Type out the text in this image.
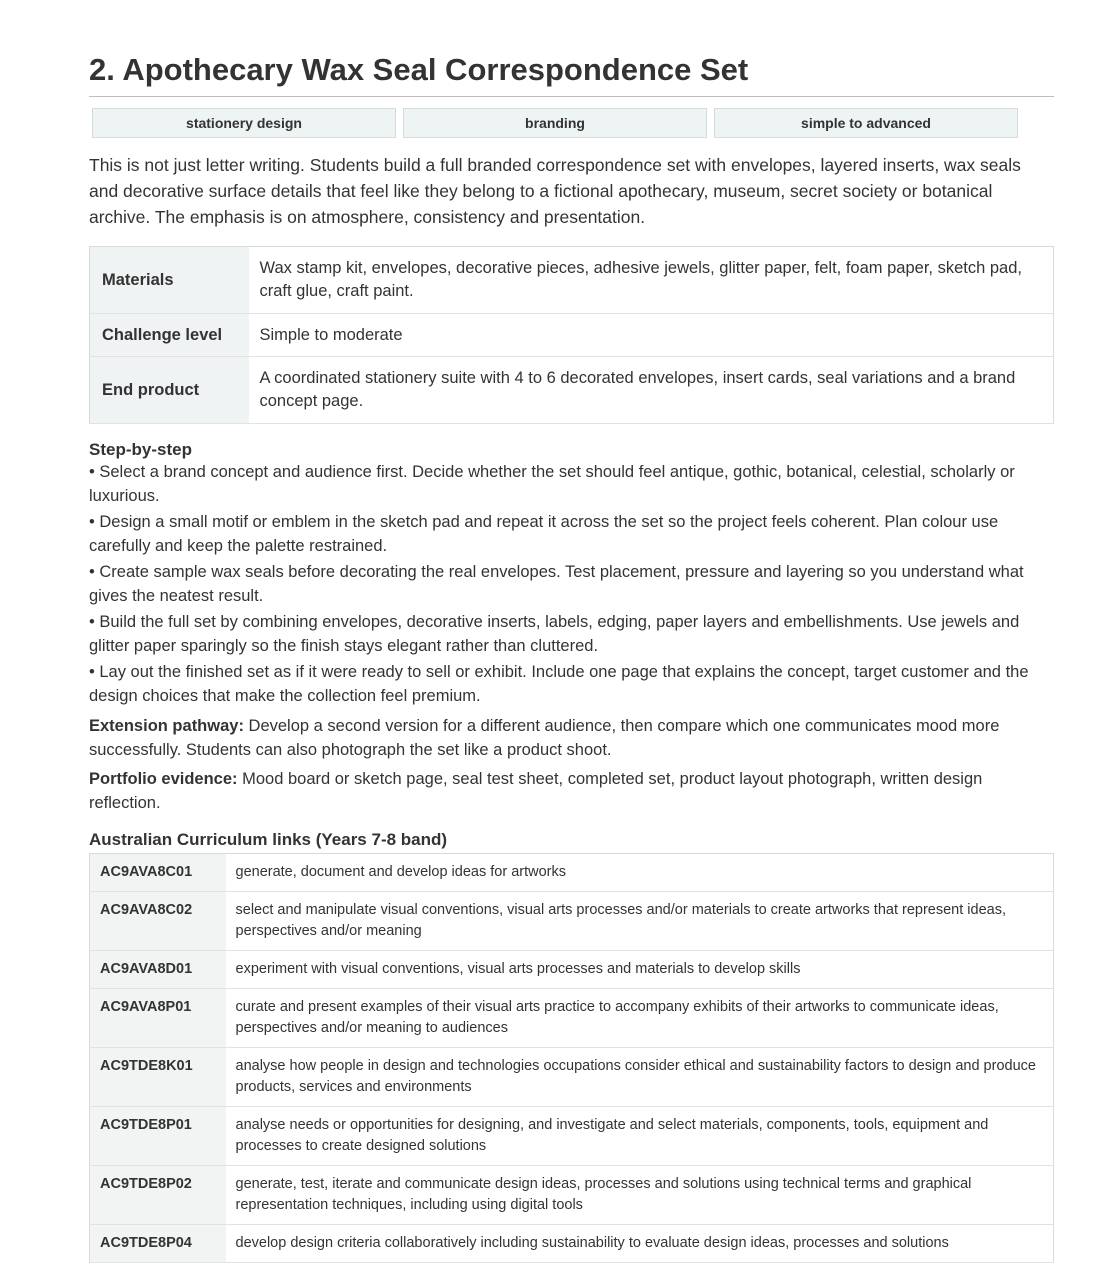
2. Apothecary Wax Seal Correspondence Set
stationery design	branding	simple to advanced

This is not just letter writing. Students build a full branded correspondence set with envelopes, layered inserts, wax seals and decorative surface details that feel like they belong to a fictional apothecary, museum, secret society or botanical archive. The emphasis is on atmosphere, consistency and presentation.

Materials	Wax stamp kit, envelopes, decorative pieces, adhesive jewels, glitter paper, felt, foam paper, sketch pad, craft glue, craft paint.
Challenge level	Simple to moderate
End product	A coordinated stationery suite with 4 to 6 decorated envelopes, insert cards, seal variations and a brand concept page.
Step-by-step

• Select a brand concept and audience first. Decide whether the set should feel antique, gothic, botanical, celestial, scholarly or luxurious.

• Design a small motif or emblem in the sketch pad and repeat it across the set so the project feels coherent. Plan colour use carefully and keep the palette restrained.

• Create sample wax seals before decorating the real envelopes. Test placement, pressure and layering so you understand what gives the neatest result.

• Build the full set by combining envelopes, decorative inserts, labels, edging, paper layers and embellishments. Use jewels and glitter paper sparingly so the finish stays elegant rather than cluttered.

• Lay out the finished set as if it were ready to sell or exhibit. Include one page that explains the concept, target customer and the design choices that make the collection feel premium.

Extension pathway: Develop a second version for a different audience, then compare which one communicates mood more successfully. Students can also photograph the set like a product shoot.

Portfolio evidence: Mood board or sketch page, seal test sheet, completed set, product layout photograph, written design reflection.

Australian Curriculum links (Years 7-8 band)
AC9AVA8C01	generate, document and develop ideas for artworks
AC9AVA8C02	select and manipulate visual conventions, visual arts processes and/or materials to create artworks that represent ideas, perspectives and/or meaning
AC9AVA8D01	experiment with visual conventions, visual arts processes and materials to develop skills
AC9AVA8P01	curate and present examples of their visual arts practice to accompany exhibits of their artworks to communicate ideas, perspectives and/or meaning to audiences
AC9TDE8K01	analyse how people in design and technologies occupations consider ethical and sustainability factors to design and produce products, services and environments
AC9TDE8P01	analyse needs or opportunities for designing, and investigate and select materials, components, tools, equipment and processes to create designed solutions
AC9TDE8P02	generate, test, iterate and communicate design ideas, processes and solutions using technical terms and graphical representation techniques, including using digital tools
AC9TDE8P04	develop design criteria collaboratively including sustainability to evaluate design ideas, processes and solutions
